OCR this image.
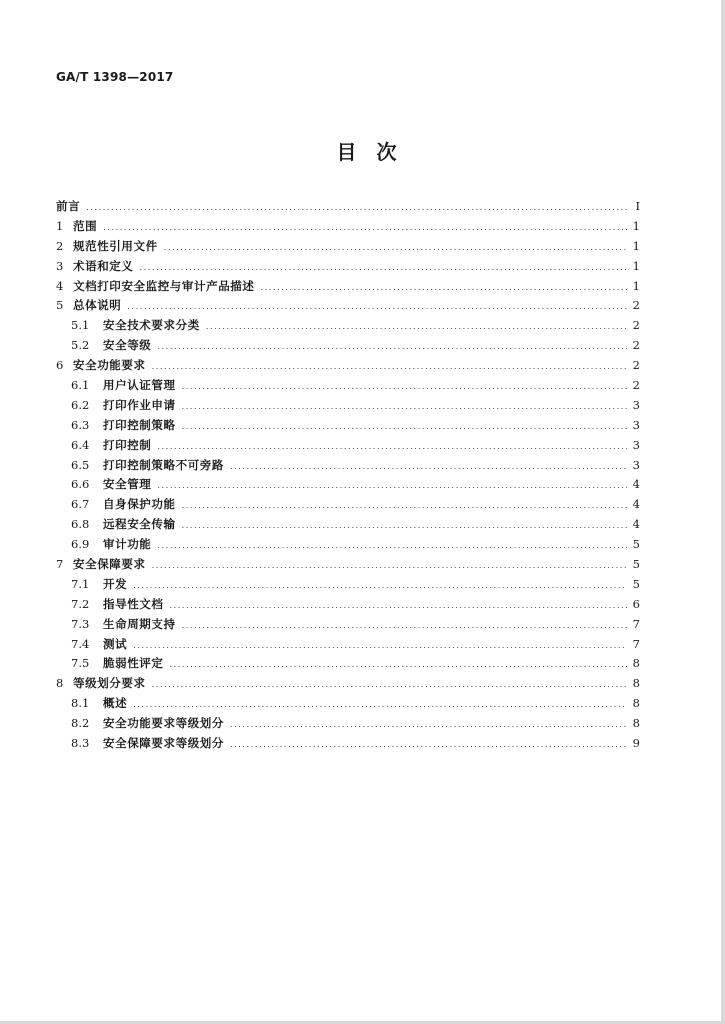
GA/T 1398—2017
目　次
前言 .....	Ⅰ
1 范围 .....	1
2 规范性引用文件 .....	1
3 术语和定义 .....	1
4 文档打印安全监控与审计产品描述 .....	1
5 总体说明 .....	2
5.1	安全技术要求分类 .....	2
5.2	安全等级 .....	2
6 安全功能要求 .....	2
6.1	用户认证管理 .....	2
6.2	打印作业申请 .....	3
6.3	打印控制策略 .....	3
6.4	打印控制 .....	3
6.5	打印控制策略不可旁路 .....	3
6.6	安全管理 .....	4
6.7	自身保护功能 .....	4
6.8	远程安全传输 .....	4
6.9	审计功能 .....	5
7 安全保障要求 .....	5
7.1	开发 .....	5
7.2	指导性文档 .....	6
7.3	生命周期支持 .....	7
7.4	测试 .....	7
7.5	脆弱性评定 .....	8
8 等级划分要求 .....	8
8.1	概述 .....	8
8.2	安全功能要求等级划分 .....	8
8.3	安全保障要求等级划分 .....	9
